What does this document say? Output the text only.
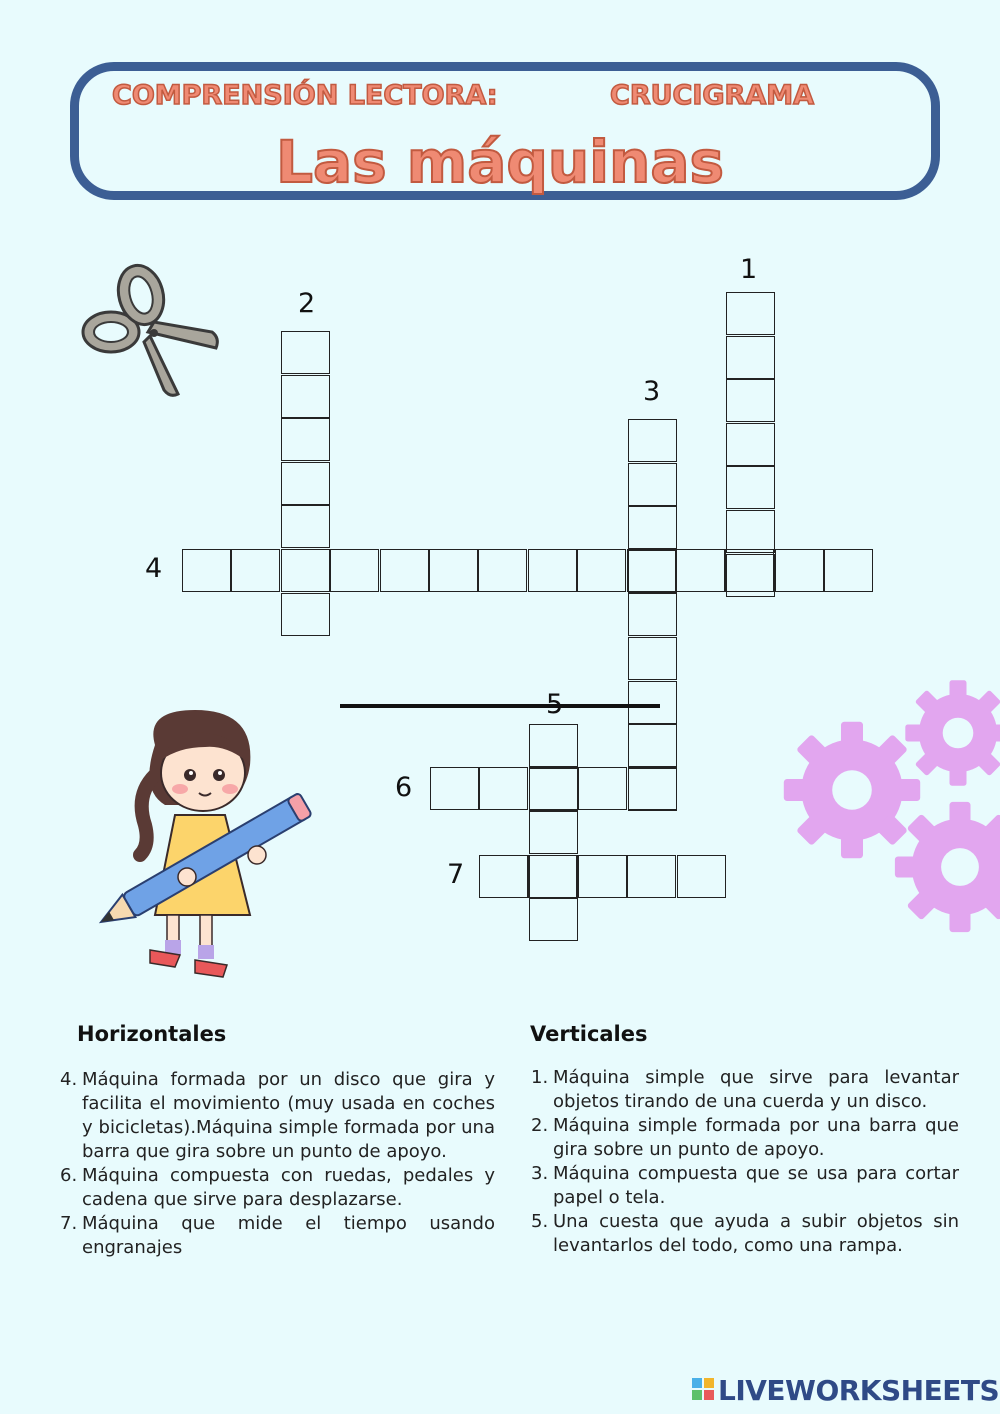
COMPRENSIÓN LECTORA:	CRUCIGRAMA
Las máquinas
1
2
3
4
6
7
Horizontales
4. Máquina formada por un disco que gira y facilita el movimiento (muy usada en coches y bicicletas).Máquina simple formada por una barra que gira sobre un punto de apoyo.
6. Máquina compuesta con ruedas, pedales y cadena que sirve para desplazarse.
7. Máquina que mide el tiempo usando engranajes
Verticales
1. Máquina simple que sirve para levantar objetos tirando de una cuerda y un disco.
2. Máquina simple formada por una barra que gira sobre un punto de apoyo.
3. Máquina compuesta que se usa para cortar papel o tela.
5. Una cuesta que ayuda a subir objetos sin levantarlos del todo, como una rampa.
LIVEWORKSHEETS
